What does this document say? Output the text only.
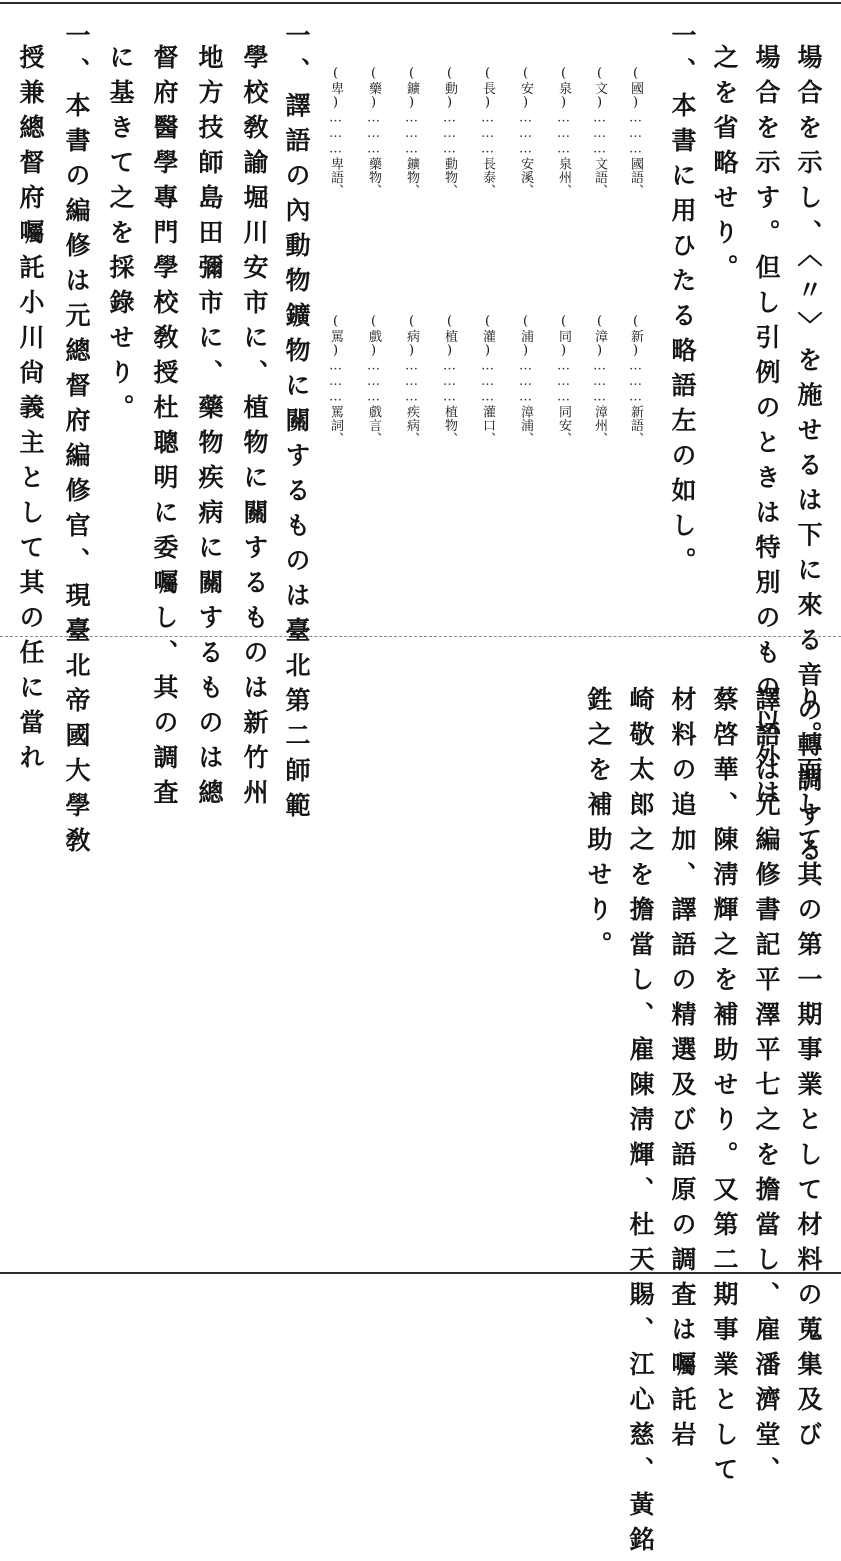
場合を示し、〈〃〉を施せるは下に來る音の轉調する
場合を示す。但し引例のときは特別のもの以外は
之を省略せり。
一、本書に用ひたる略語左の如し。
(國)………國語、
(文)………文語、
(泉)………泉州、
(安)………安溪、
(長)………長泰、
(動)………動物、
(鑛)………鑛物、
(藥)………藥物、
(卑)………卑語、
(新)………新語、
(漳)………漳州、
(同)………同安、
(浦)………漳浦、
(灌)………灌口、
(植)………植物、
(病)………疾病、
(戲)………戲言、
(罵)………罵詞、
一、譯語の內動物鑛物に關するものは臺北第二師範
學校敎諭堀川安市に、植物に關するものは新竹州
地方技師島田彌市に、藥物疾病に關するものは總
督府醫學專門學校敎授杜聰明に委囑し、其の調査
に基きて之を採錄せり。
一、本書の編修は元總督府編修官、現臺北帝國大學敎
授兼總督府囑託小川尙義主として其の任に當れ
り。而して其の第一期事業として材料の蒐集及び
譯語は元編修書記平澤平七之を擔當し、雇潘濟堂、
蔡啓華、陳淸輝之を補助せり。又第二期事業として
材料の追加、譯語の精選及び語原の調査は囑託岩
崎敬太郎之を擔當し、雇陳淸輝、杜天賜、江心慈、黃銘
鉎之を補助せり。
